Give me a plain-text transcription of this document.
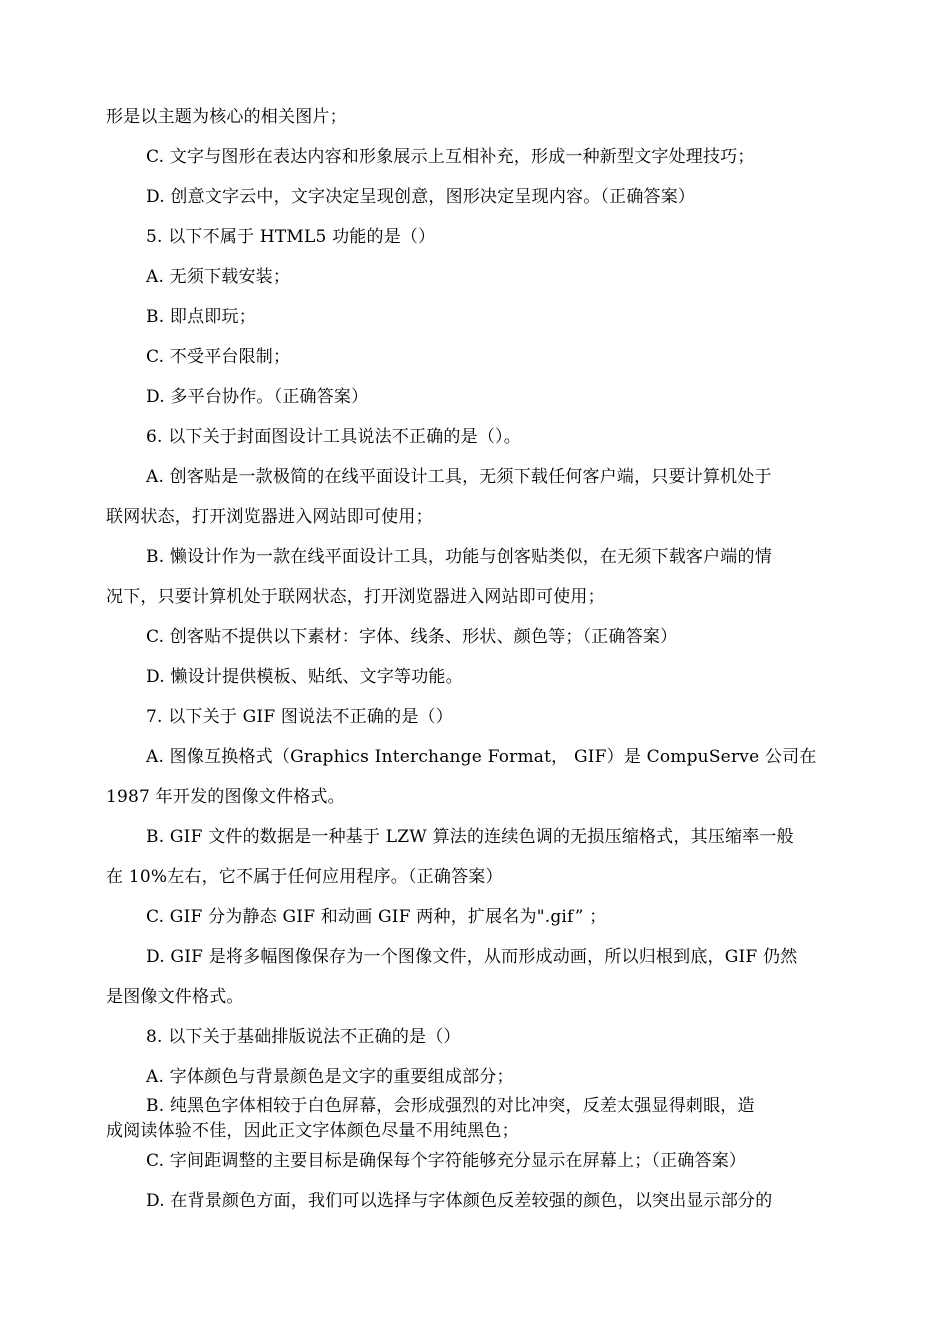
形是以主题为核心的相关图片；
C. 文字与图形在表达内容和形象展示上互相补充，形成一种新型文字处理技巧；
D. 创意文字云中，文字决定呈现创意，图形决定呈现内容。（正确答案）
5. 以下不属于 HTML5 功能的是（）
A. 无须下载安装；
B. 即点即玩；
C. 不受平台限制；
D. 多平台协作。（正确答案）
6. 以下关于封面图设计工具说法不正确的是（）。
A. 创客贴是一款极简的在线平面设计工具，无须下载任何客户端，只要计算机处于
联网状态，打开浏览器进入网站即可使用；
B. 懒设计作为一款在线平面设计工具，功能与创客贴类似，在无须下载客户端的情
况下，只要计算机处于联网状态，打开浏览器进入网站即可使用；
C. 创客贴不提供以下素材：字体、线条、形状、颜色等；（正确答案）
D. 懒设计提供模板、贴纸、文字等功能。
7. 以下关于 GIF 图说法不正确的是（）
A. 图像互换格式（Graphics Interchange Format， GIF）是 CompuServe 公司在
1987 年开发的图像文件格式。
B. GIF 文件的数据是一种基于 LZW 算法的连续色调的无损压缩格式，其压缩率一般
在 10%左右，它不属于任何应用程序。（正确答案）
C. GIF 分为静态 GIF 和动画 GIF 两种，扩展名为".gif” ；
D. GIF 是将多幅图像保存为一个图像文件，从而形成动画，所以归根到底，GIF 仍然
是图像文件格式。
8. 以下关于基础排版说法不正确的是（）
A. 字体颜色与背景颜色是文字的重要组成部分；
B. 纯黑色字体相较于白色屏幕，会形成强烈的对比冲突，反差太强显得刺眼，造
成阅读体验不佳，因此正文字体颜色尽量不用纯黑色；
C. 字间距调整的主要目标是确保每个字符能够充分显示在屏幕上；（正确答案）
D. 在背景颜色方面，我们可以选择与字体颜色反差较强的颜色，以突出显示部分的
